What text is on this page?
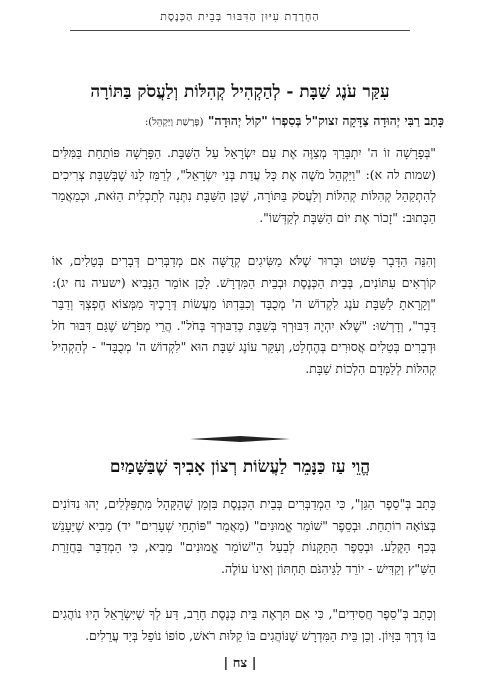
הַחְרָדַת עִיּוּן הַדִּבּוּר בְּבֵית הַכְּנֶסֶת
עִקַּר עֹנֶג שַׁבָּת - לְהַקְהִיל קְהִלּוֹת וְלַעֲסֹק בַּתּוֹרָה
כָּתַב רַבִּי יְהוּדָה צַדָּקָה זצוק"ל בְּסִפְרוֹ "קוֹל יְהוּדָה" (פָּרָשַׁת וַיַּקְהֵל):

"בְּפָרָשָׁה זוֹ ה' יִתְבָּרַךְ מְצַוֶּה אֶת עַם יִשְׂרָאֵל עַל הַשַּׁבָּת. הַפָּרָשָׁה פּוֹתַחַת בַּמִּלִּים (שמות לה א): "וַיַּקְהֵל מֹשֶׁה אֶת כָּל עֲדַת בְּנֵי יִשְׂרָאֵל", לְרַמֵּז לָנוּ שֶׁבְּשַׁבָּת צְרִיכִים לְהִתְקַהֵל קְהִלּוֹת קְהִלּוֹת וְלַעֲסֹק בַּתּוֹרָה, שֶׁכֵּן הַשַּׁבָּת נִתְּנָה לְתַכְלִית הַזֹּאת, וּכְמַאֲמַר הַכָּתוּב: "זָכוֹר אֶת יוֹם הַשַּׁבָּת לְקַדְּשׁוֹ".

וְהִנֵּה הַדָּבָר פָּשׁוּט וּבָרוּר שֶׁלֹּא מַשִּׂיגִים קְדֻשָּׁה אִם מְדַבְּרִים דְּבָרִים בְּטֵלִים, אוֹ קוֹרְאִים עִתּוֹנִים, בְּבֵית הַכְּנֶסֶת וּבְבֵית הַמִּדְרָשׁ. לָכֵן אוֹמֵר הַנָּבִיא (ישעיה נח יג): "וְקָרָאתָ לַשַּׁבָּת עֹנֶג לִקְדוֹשׁ ה' מְכֻבָּד וְכִבַּדְתּוֹ מֵעֲשׂוֹת דְּרָכֶיךָ מִמְּצוֹא חֶפְצְךָ וְדַבֵּר דָּבָר", וְדָרְשׁוּ: "שֶׁלֹּא יִהְיֶה דִּבּוּרְךָ בְּשַׁבָּת כְּדִבּוּרְךָ בְּחֹל". הֲרֵי מְפֹרָשׁ שֶׁגַּם דִּבּוּר חֹל וּדְבָרִים בְּטֵלִים אֲסוּרִים בְּהֶחְלֵט, וְעִקַּר עוֹנֶג שַׁבָּת הוּא "לִקְדוֹשׁ ה' מְכֻבָּד" - לְהַקְהִיל קְהִלּוֹת לְלַמְּדָם הִלְכוֹת שַׁבָּת.

הֱוֵי עַז כַּנָּמֵר לַעֲשׂוֹת רְצוֹן אָבִיךָ שֶׁבַּשָּׁמַיִם

כָּתַב בְּ"סֵפֶר הַגַּן", כִּי הַמְדַבְּרִים בְּבֵית הַכְּנֶסֶת בִּזְמַן שֶׁהַקָּהָל מִתְפַּלְּלִים, יְהוּ נִדּוֹנִים בְּצוֹאָה רוֹתַחַת. וּבְסֵפֶר "שׁוֹמֵר אֱמוּנִים" (מַאֲמַר "פּוֹתְחֵי שְׁעָרִים" יד) מֵבִיא שֶׁיֵּעָנֵשׁ בְּכַף הַקֶּלַע. וּבְסֵפֶר הַתַּקָּנוֹת לְבַעַל הַ"שׁוֹמֵר אֱמוּנִים" מֵבִיא, כִּי הַמְדַבֵּר בַּחֲזָרַת הַשַּׁ"ץ וְקַדִּישׁ - יוֹרֵד לַגֵּיהִנֹּם תַּחְתּוֹן וְאֵינוֹ עוֹלֶה.

וְכָתַב בְּ"סֵפֶר חֲסִידִים", כִּי אִם תִּרְאֶה בֵּית כְּנֶסֶת חָרֵב, דַּע לְךָ שֶׁיִּשְׂרָאֵל הָיוּ נוֹהֲגִים בּוֹ דֶּרֶךְ בִּזָּיוֹן. וְכֵן בֵּית הַמִּדְרָשׁ שֶׁנּוֹהֲגִים בּוֹ קַלּוּת רֹאשׁ, סוֹפוֹ נוֹפֵל בְּיַד עֲרֵלִים.

| צח |
